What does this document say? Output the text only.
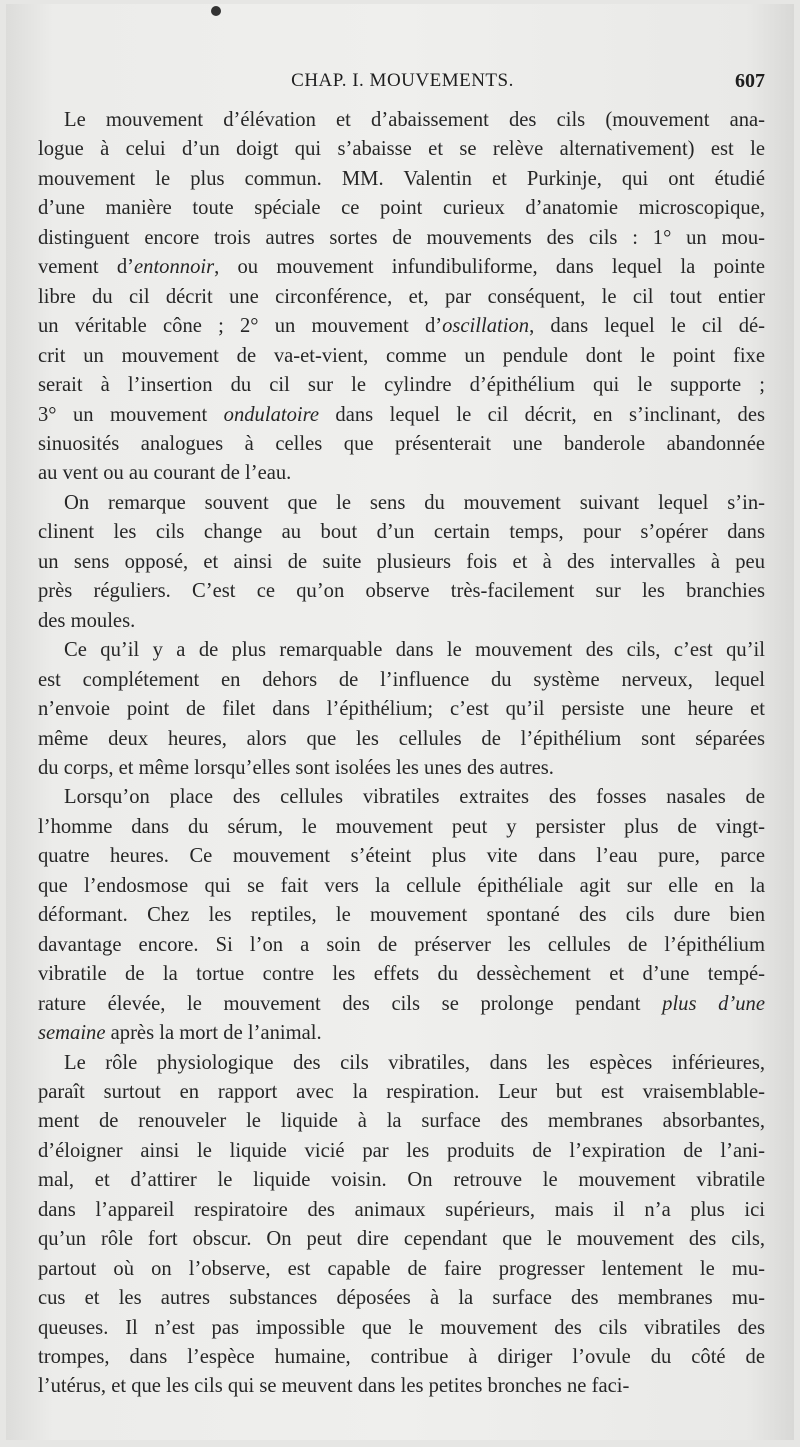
CHAP. I. MOUVEMENTS.	607

Le mouvement d’élévation et d’abaissement des cils (mouvement ana-
logue à celui d’un doigt qui s’abaisse et se relève alternativement) est le
mouvement le plus commun. MM. Valentin et Purkinje, qui ont étudié
d’une manière toute spéciale ce point curieux d’anatomie microscopique,
distinguent encore trois autres sortes de mouvements des cils : 1° un mou-
vement d’entonnoir, ou mouvement infundibuliforme, dans lequel la pointe
libre du cil décrit une circonférence, et, par conséquent, le cil tout entier
un véritable cône ; 2° un mouvement d’oscillation, dans lequel le cil dé-
crit un mouvement de va-et-vient, comme un pendule dont le point fixe
serait à l’insertion du cil sur le cylindre d’épithélium qui le supporte ;
3° un mouvement ondulatoire dans lequel le cil décrit, en s’inclinant, des
sinuosités analogues à celles que présenterait une banderole abandonnée
au vent ou au courant de l’eau.

On remarque souvent que le sens du mouvement suivant lequel s’in-
clinent les cils change au bout d’un certain temps, pour s’opérer dans
un sens opposé, et ainsi de suite plusieurs fois et à des intervalles à peu
près réguliers. C’est ce qu’on observe très-facilement sur les branchies
des moules.

Ce qu’il y a de plus remarquable dans le mouvement des cils, c’est qu’il
est complétement en dehors de l’influence du système nerveux, lequel
n’envoie point de filet dans l’épithélium; c’est qu’il persiste une heure et
même deux heures, alors que les cellules de l’épithélium sont séparées
du corps, et même lorsqu’elles sont isolées les unes des autres.

Lorsqu’on place des cellules vibratiles extraites des fosses nasales de
l’homme dans du sérum, le mouvement peut y persister plus de vingt-
quatre heures. Ce mouvement s’éteint plus vite dans l’eau pure, parce
que l’endosmose qui se fait vers la cellule épithéliale agit sur elle en la
déformant. Chez les reptiles, le mouvement spontané des cils dure bien
davantage encore. Si l’on a soin de préserver les cellules de l’épithélium
vibratile de la tortue contre les effets du dessèchement et d’une tempé-
rature élevée, le mouvement des cils se prolonge pendant plus d’une
semaine après la mort de l’animal.

Le rôle physiologique des cils vibratiles, dans les espèces inférieures,
paraît surtout en rapport avec la respiration. Leur but est vraisemblable-
ment de renouveler le liquide à la surface des membranes absorbantes,
d’éloigner ainsi le liquide vicié par les produits de l’expiration de l’ani-
mal, et d’attirer le liquide voisin. On retrouve le mouvement vibratile
dans l’appareil respiratoire des animaux supérieurs, mais il n’a plus ici
qu’un rôle fort obscur. On peut dire cependant que le mouvement des cils,
partout où on l’observe, est capable de faire progresser lentement le mu-
cus et les autres substances déposées à la surface des membranes mu-
queuses. Il n’est pas impossible que le mouvement des cils vibratiles des
trompes, dans l’espèce humaine, contribue à diriger l’ovule du côté de
l’utérus, et que les cils qui se meuvent dans les petites bronches ne faci-
